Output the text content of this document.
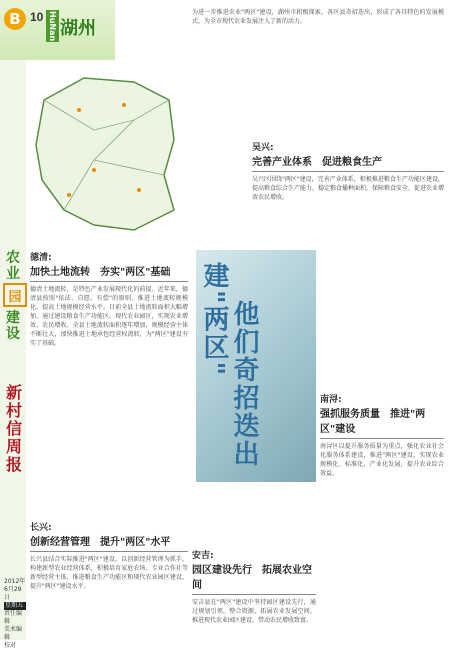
B 10 HuNan 湖州
农业
园
建设
新村信周报
2012年
6月29日
星期五
责任编辑
美术编辑
校对
德清:
加快土地流转　夯实"两区"基础
德清土地流转，是特色产业发展现代化的前提。近年来，德清县按照"依法、自愿、有偿"的原则，推进土地流转规模化，提高土地规模经营水平。目前全县土地流转面积大幅增加，通过建设粮食生产功能区、现代农业园区，实现农业增效、农民增收。全县土地流转面积逐年增加，规模经营主体不断壮大，加快推进土地承包经营权流转，为"两区"建设夯实了基础。
长兴:
创新经营管理　提升"两区"水平
长兴县结合实际推进"两区"建设，以创新经营管理为抓手，构建新型农业经营体系，积极培育家庭农场、专业合作社等新型经营主体，推进粮食生产功能区和现代农业园区建设，提升"两区"建设水平。
为进一步推进农业"两区"建设，湖州市积极探索，各区县奇招迭出，形成了各具特色的发展模式，为全市现代农业发展注入了新的活力。
吴兴:
完善产业体系　促进粮食生产
吴兴区围绕"两区"建设，完善产业体系，积极推进粮食生产功能区建设，提高粮食综合生产能力，稳定粮食播种面积，保障粮食安全，促进农业增效农民增收。
建"两区" 他们奇招迭出	南浔:
强抓服务质量　推进"两区"建设
南浔区以提升服务质量为重点，强化农业社会化服务体系建设，推进"两区"建设，实现农业规模化、标准化、产业化发展，提升农业综合效益。
安吉:
园区建设先行　拓展农业空间
安吉县在"两区"建设中坚持园区建设先行，通过规划引领，整合资源，拓展农业发展空间，推进现代农业园区建设，带动农民增收致富。
